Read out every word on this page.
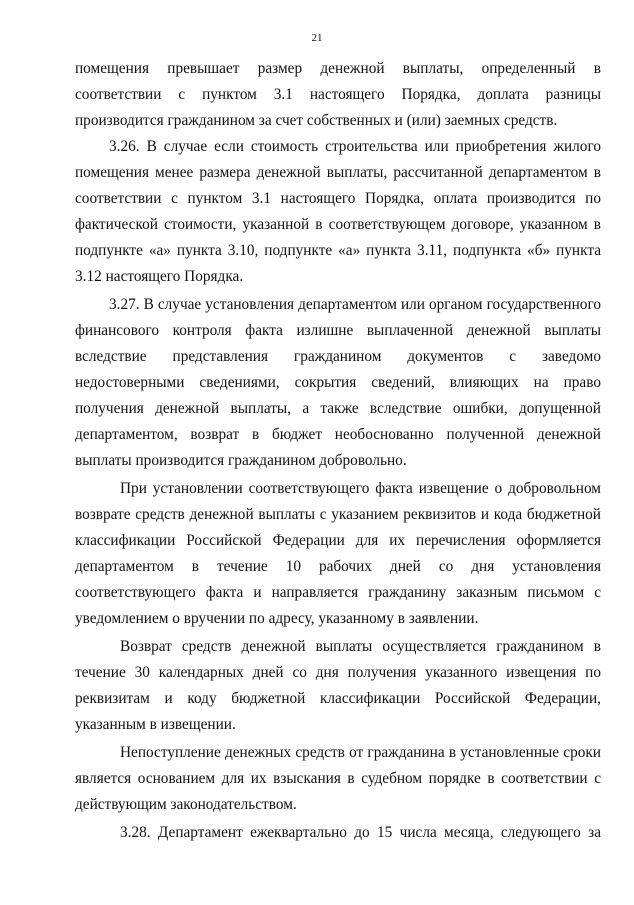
21

помещения превышает размер денежной выплаты, определенный в соответствии с пунктом 3.1 настоящего Порядка, доплата разницы производится гражданином за счет собственных и (или) заемных средств.

3.26. В случае если стоимость строительства или приобретения жилого помещения менее размера денежной выплаты, рассчитанной департаментом в соответствии с пунктом 3.1 настоящего Порядка, оплата производится по фактической стоимости, указанной в соответствующем договоре, указанном в подпункте «а» пункта 3.10, подпункте «а» пункта 3.11, подпункта «б» пункта 3.12 настоящего Порядка.

3.27. В случае установления департаментом или органом государственного финансового контроля факта излишне выплаченной денежной выплаты вследствие представления гражданином документов с заведомо недостоверными сведениями, сокрытия сведений, влияющих на право получения денежной выплаты, а также вследствие ошибки, допущенной департаментом, возврат в бюджет необоснованно полученной денежной выплаты производится гражданином добровольно.

При установлении соответствующего факта извещение о добровольном возврате средств денежной выплаты с указанием реквизитов и кода бюджетной классификации Российской Федерации для их перечисления оформляется департаментом в течение 10 рабочих дней со дня установления соответствующего факта и направляется гражданину заказным письмом с уведомлением о вручении по адресу, указанному в заявлении.

Возврат средств денежной выплаты осуществляется гражданином в течение 30 календарных дней со дня получения указанного извещения по реквизитам и коду бюджетной классификации Российской Федерации, указанным в извещении.

Непоступление денежных средств от гражданина в установленные сроки является основанием для их взыскания в судебном порядке в соответствии с действующим законодательством.

3.28. Департамент ежеквартально до 15 числа месяца, следующего за
